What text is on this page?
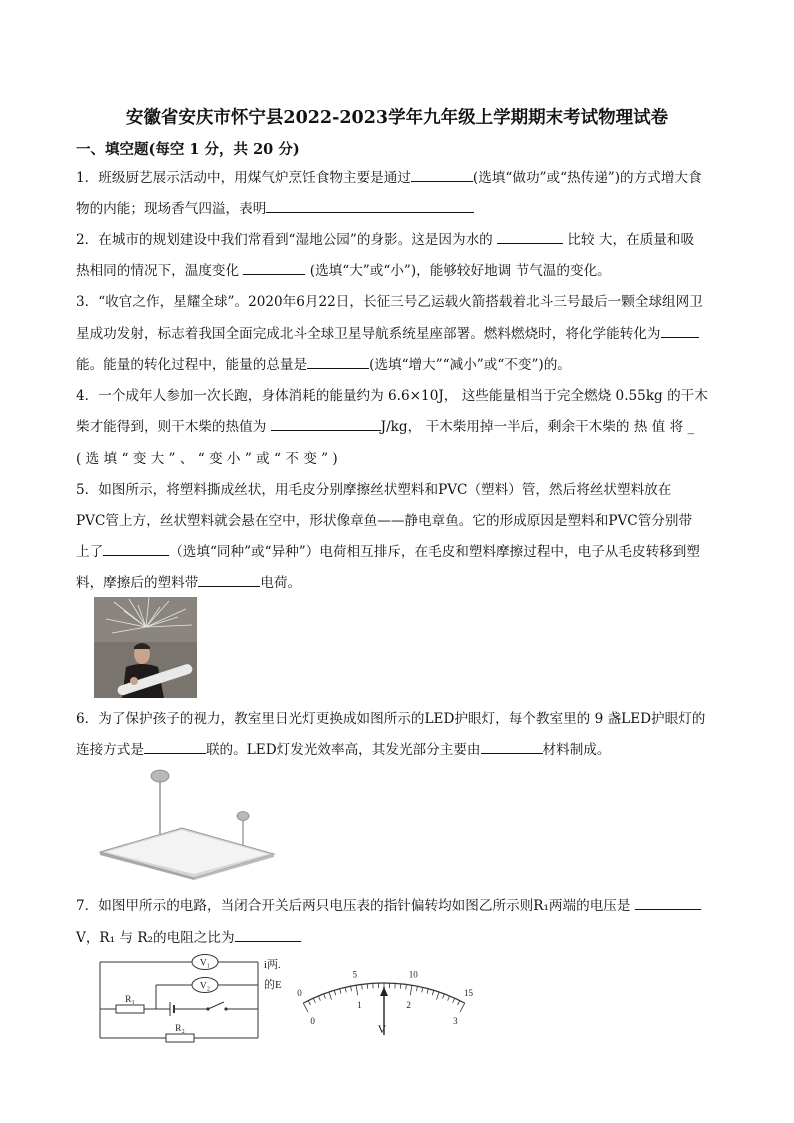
安徽省安庆市怀宁县2022-2023学年九年级上学期期末考试物理试卷
一、填空题(每空 1 分，共 20 分)
1．班级厨艺展示活动中，用煤气炉烹饪食物主要是通过	(选填“做功”或“热传递”)的方式增大食
物的内能；现场香气四溢，表明
2．在城市的规划建设中我们常看到“湿地公园”的身影。这是因为水的	比较 大，在质量和吸
热相同的情况下，温度变化	(选填“大”或“小”)，能够较好地调 节气温的变化。
3．“收官之作，星耀全球”。2020年6月22日，长征三号乙运载火箭搭载着北斗三号最后一颗全球组网卫
星成功发射，标志着我国全面完成北斗全球卫星导航系统星座部署。燃料燃烧时，将化学能转化为
能。能量的转化过程中，能量的总量是	(选填“增大”“减小”或“不变”)的。
4．一个成年人参加一次长跑，身体消耗的能量约为 6.6×10J， 这些能量相当于完全燃烧 0.55kg 的干木
柴才能得到，则干木柴的热值为	J/kg， 干木柴用掉一半后，剩余干木柴的 热 值 将 _
( 选 填 “ 变 大 ” 、 “ 变 小 ” 或 “ 不 变 ” )
5．如图所示，将塑料撕成丝状，用毛皮分别摩擦丝状塑料和PVC（塑料）管，然后将丝状塑料放在
PVC管上方，丝状塑料就会悬在空中，形状像章鱼——静电章鱼。它的形成原因是塑料和PVC管分别带
上了	（选填“同种”或“异种”）电荷相互排斥，在毛皮和塑料摩擦过程中，电子从毛皮转移到塑
料，摩擦后的塑料带	电荷。
6．为了保护孩子的视力，教室里日光灯更换成如图所示的LED护眼灯，每个教室里的 9 盏LED护眼灯的
连接方式是	联的。LED灯发光效率高，其发光部分主要由	材料制成。
7．如图甲所示的电路，当闭合开关后两只电压表的指针偏转均如图乙所示则R₁两端的电压是
V，R₁ 与 R₂的电阻之比为
V₁
V₂
R₁
R₂
i两.
的E
0
5	10
15
0
1	2
3
V
